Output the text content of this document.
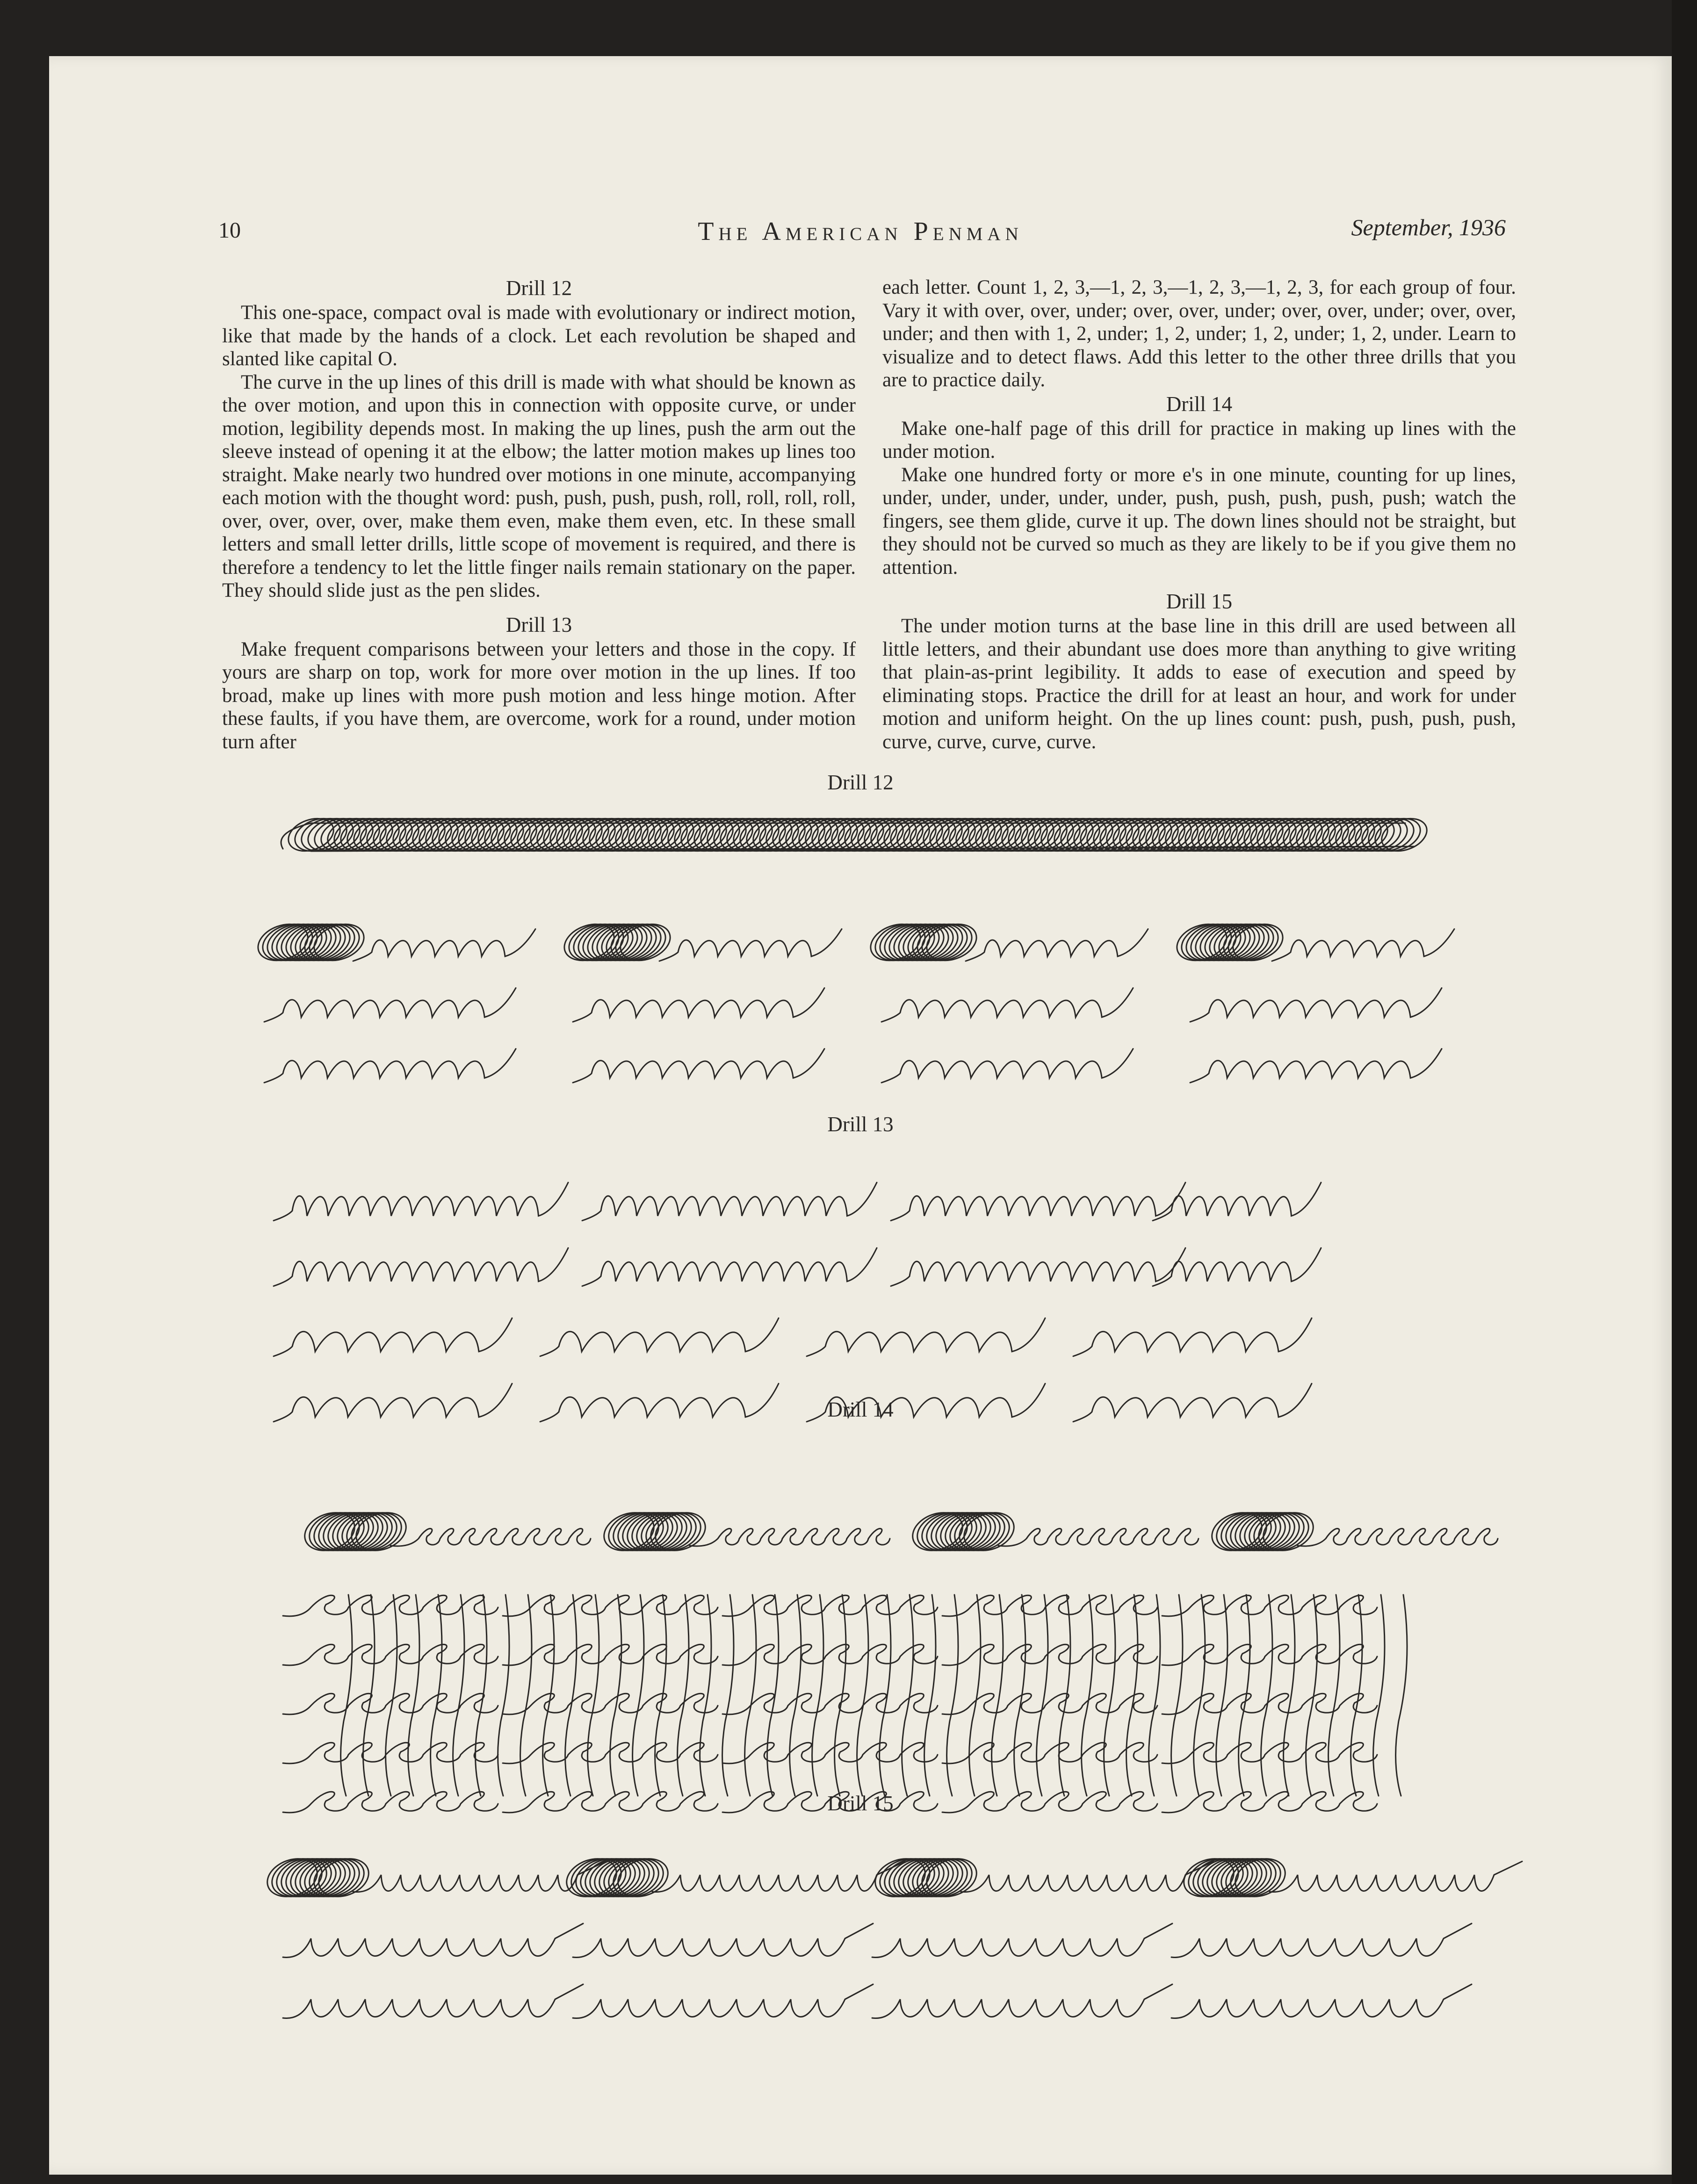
10	The American Penman	September, 1936
Drill 12

This one-space, compact oval is made with evolutionary or indirect motion, like that made by the hands of a clock. Let each revolution be shaped and slanted like capital O.

The curve in the up lines of this drill is made with what should be known as the over motion, and upon this in connection with opposite curve, or under motion, legibility depends most. In making the up lines, push the arm out the sleeve instead of opening it at the elbow; the latter motion makes up lines too straight. Make nearly two hundred over motions in one minute, accompanying each motion with the thought word: push, push, push, push, roll, roll, roll, roll, over, over, over, over, make them even, make them even, etc. In these small letters and small letter drills, little scope of movement is required, and there is therefore a tendency to let the little finger nails remain stationary on the paper. They should slide just as the pen slides.

Drill 13

Make frequent comparisons between your letters and those in the copy. If yours are sharp on top, work for more over motion in the up lines. If too broad, make up lines with more push motion and less hinge motion. After these faults, if you have them, are overcome, work for a round, under motion turn after

each letter. Count 1, 2, 3,—1, 2, 3,—1, 2, 3,—1, 2, 3, for each group of four. Vary it with over, over, under; over, over, under; over, over, under; over, over, under; and then with 1, 2, under; 1, 2, under; 1, 2, under; 1, 2, under. Learn to visualize and to detect flaws. Add this letter to the other three drills that you are to practice daily.

Drill 14

Make one-half page of this drill for practice in making up lines with the under motion.

Make one hundred forty or more e's in one minute, counting for up lines, under, under, under, under, under, push, push, push, push, push; watch the fingers, see them glide, curve it up. The down lines should not be straight, but they should not be curved so much as they are likely to be if you give them no attention.

Drill 15

The under motion turns at the base line in this drill are used between all little letters, and their abundant use does more than anything to give writing that plain-as-print legibility. It adds to ease of execution and speed by eliminating stops. Practice the drill for at least an hour, and work for under motion and uniform height. On the up lines count: push, push, push, push, curve, curve, curve, curve.

Drill 12
Drill 13
Drill 14
Drill 15
